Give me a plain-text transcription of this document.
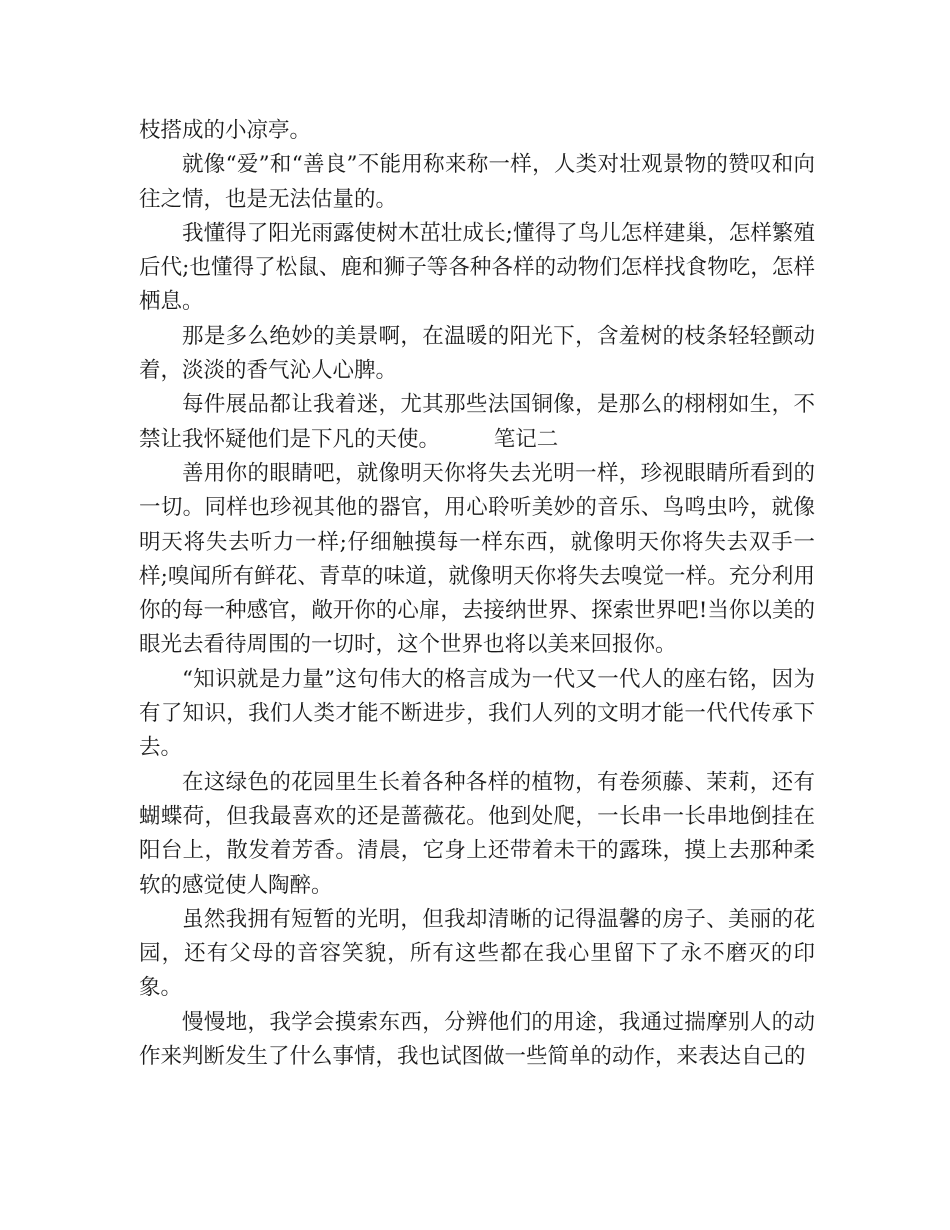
枝搭成的小凉亭。

就像“爱”和“善良”不能用称来称一样，人类对壮观景物的赞叹和向往之情，也是无法估量的。

我懂得了阳光雨露使树木茁壮成长;懂得了鸟儿怎样建巢，怎样繁殖后代;也懂得了松鼠、鹿和狮子等各种各样的动物们怎样找食物吃，怎样栖息。

那是多么绝妙的美景啊，在温暖的阳光下，含羞树的枝条轻轻颤动着，淡淡的香气沁人心脾。

每件展品都让我着迷，尤其那些法国铜像，是那么的栩栩如生，不禁让我怀疑他们是下凡的天使。	笔记二

善用你的眼睛吧，就像明天你将失去光明一样，珍视眼睛所看到的一切。同样也珍视其他的器官，用心聆听美妙的音乐、鸟鸣虫吟，就像明天将失去听力一样;仔细触摸每一样东西，就像明天你将失去双手一样;嗅闻所有鲜花、青草的味道，就像明天你将失去嗅觉一样。充分利用你的每一种感官，敞开你的心扉，去接纳世界、探索世界吧!当你以美的眼光去看待周围的一切时，这个世界也将以美来回报你。

“知识就是力量”这句伟大的格言成为一代又一代人的座右铭，因为有了知识，我们人类才能不断进步，我们人列的文明才能一代代传承下去。

在这绿色的花园里生长着各种各样的植物，有卷须藤、茉莉，还有蝴蝶荷，但我最喜欢的还是蔷薇花。他到处爬，一长串一长串地倒挂在阳台上，散发着芳香。清晨，它身上还带着未干的露珠，摸上去那种柔软的感觉使人陶醉。

虽然我拥有短暂的光明，但我却清晰的记得温馨的房子、美丽的花园，还有父母的音容笑貌，所有这些都在我心里留下了永不磨灭的印象。

慢慢地，我学会摸索东西，分辨他们的用途，我通过揣摩别人的动作来判断发生了什么事情，我也试图做一些简单的动作，来表达自己的
